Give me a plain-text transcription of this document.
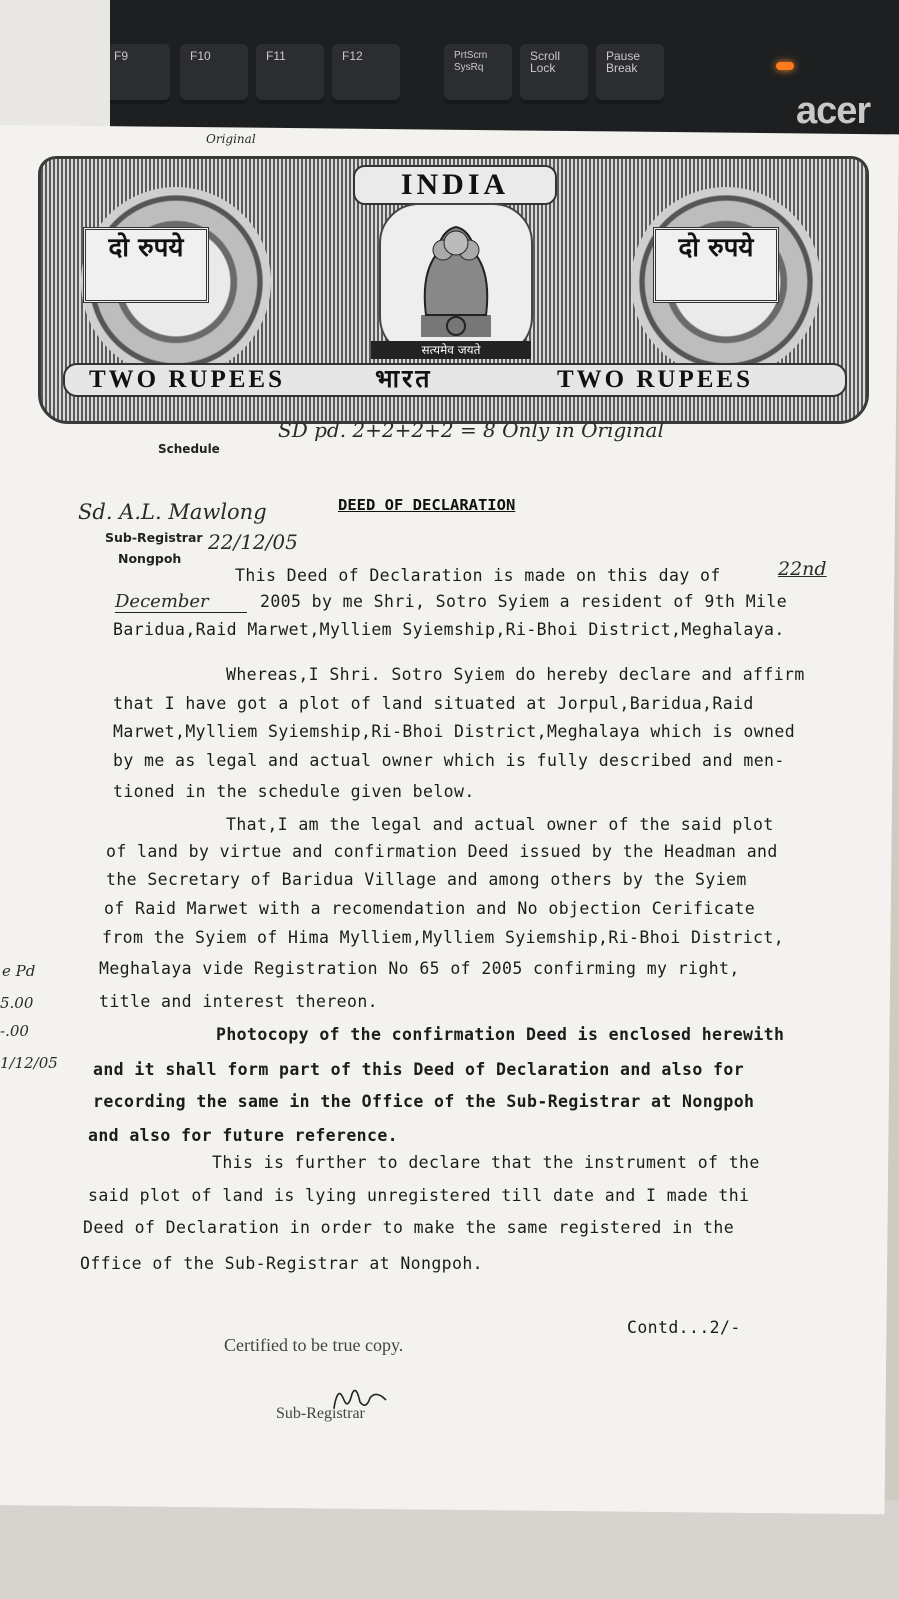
F9	F10	F11	F12	PrtScrn SysRq
Scroll Lock
Pause Break
acer
Original
INDIA
दो रुपये	दो रुपये
सत्यमेव जयते
TWO RUPEES	भारत	TWO RUPEES
SD pd. 2+2+2+2 = 8 Only in Original
Schedule
Sd. A.L. Mawlong
Sub-Registrar
Nongpoh
22/12/05
DEED OF DECLARATION
This Deed of Declaration is made on this day of	22nd
December	2005 by me Shri, Sotro Syiem a resident of 9th Mile
Baridua,Raid Marwet,Mylliem Syiemship,Ri-Bhoi District,Meghalaya.
Whereas,I Shri. Sotro Syiem do hereby declare and affirm
that I have got a plot of land situated at Jorpul,Baridua,Raid
Marwet,Mylliem Syiemship,Ri-Bhoi District,Meghalaya which is owned
by me as legal and actual owner which is fully described and men-
tioned in the schedule given below.
That,I am the legal and actual owner of the said plot
of land by virtue and confirmation Deed issued by the Headman and
the Secretary of Baridua Village and among others by the Syiem
of Raid Marwet with a recomendation and No objection Cerificate
from the Syiem of Hima Mylliem,Mylliem Syiemship,Ri-Bhoi District,
Meghalaya vide Registration No 65 of 2005 confirming my right,
title and interest thereon.
e Pd
5.00
-.00
1/12/05
Photocopy of the confirmation Deed is enclosed herewith
and it shall form part of this Deed of Declaration and also for
recording the same in the Office of the Sub-Registrar at Nongpoh
and also for future reference.
This is further to declare that the instrument of the
said plot of land is lying unregistered till date and I made thi
Deed of Declaration in order to make the same registered in the
Office of the Sub-Registrar at Nongpoh.
Contd...2/-
Certified to be true copy.
Sub-Registrar
